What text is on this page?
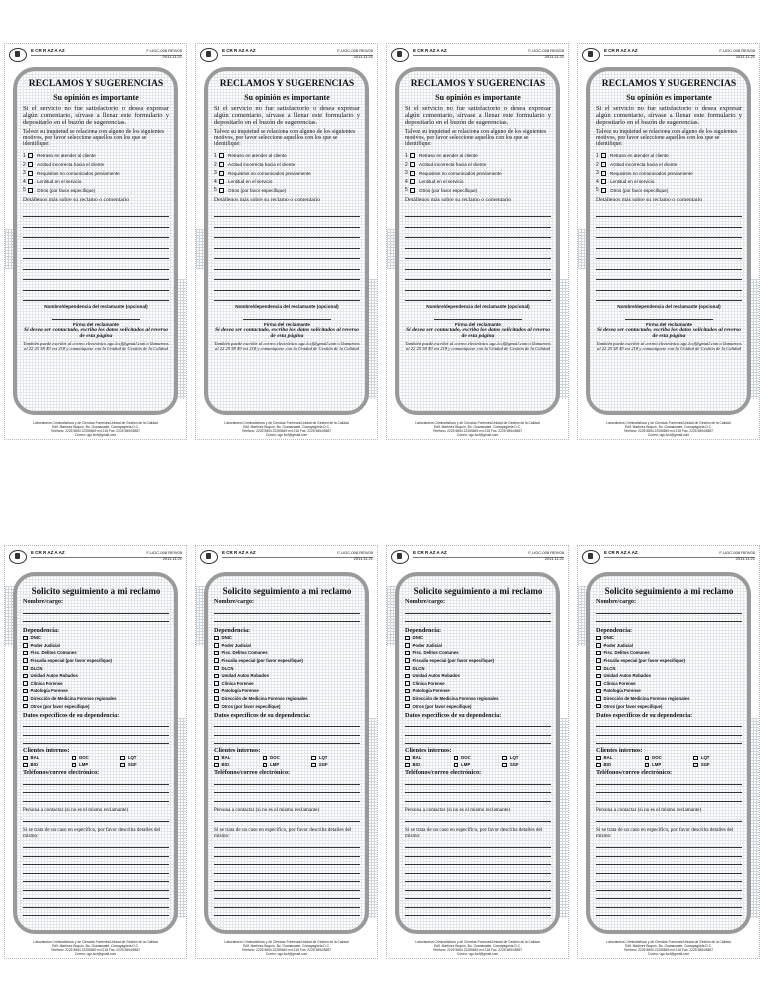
E CR R AZ A AZ	F-UGC-008 REIV05
2011.11.21
RECLAMOS Y SUGERENCIAS
Su opinión es importante
Si el servicio no fue satisfactorio o desea expresar algún comentario, sírvase a llenar este formulario y depositarlo en el buzón de sugerencias.
Talvez su inquietud se relaciona con alguno de los siguientes motivos, por favor seleccione aquellos con los que se identifique:
1	Retraso en atender al cliente
2	Actitud incorrecta hacia el cliente
3	Requisitos no comunicados previamente
4	Lentitud en el servicio
5	Otros (por favor especifique)
Detállenos más sobre su reclamo o comentario
Nombre/dependencia del reclamante (opcional)
Firma del reclamante
Si desea ser contactado, escriba los datos solicitados al reverso de esta página
También puede escribir al correo electrónico ugc.lccf@gmail.com o llamarnos al 22 25 58 49 ext 218 y comuníquese con la Unidad de Gestión de la Calidad
Laboratorios Criminalísticos y de Ciencias Forenses/Unidad de Gestión de la Calidad
Edif. Martínez Boquín, Bo. Guanacaste, Comayagüela D.C.
Teléfono: 2225 5854 22255849 ext 218 Fax: 2225 5854/5857
Correo: ugc.lccf@gmail.com
E CR R AZ A AZ	F-UGC-008 REIV05
2011.11.21
RECLAMOS Y SUGERENCIAS
Su opinión es importante
Si el servicio no fue satisfactorio o desea expresar algún comentario, sírvase a llenar este formulario y depositarlo en el buzón de sugerencias.
Talvez su inquietud se relaciona con alguno de los siguientes motivos, por favor seleccione aquellos con los que se identifique:
1	Retraso en atender al cliente
2	Actitud incorrecta hacia el cliente
3	Requisitos no comunicados previamente
4	Lentitud en el servicio
5	Otros (por favor especifique)
Detállenos más sobre su reclamo o comentario
Nombre/dependencia del reclamante (opcional)
Firma del reclamante
Si desea ser contactado, escriba los datos solicitados al reverso de esta página
También puede escribir al correo electrónico ugc.lccf@gmail.com o llamarnos al 22 25 58 49 ext 218 y comuníquese con la Unidad de Gestión de la Calidad
Laboratorios Criminalísticos y de Ciencias Forenses/Unidad de Gestión de la Calidad
Edif. Martínez Boquín, Bo. Guanacaste, Comayagüela D.C.
Teléfono: 2225 5854 22255849 ext 218 Fax: 2225 5854/5857
Correo: ugc.lccf@gmail.com
E CR R AZ A AZ	F-UGC-008 REIV05
2011.11.21
RECLAMOS Y SUGERENCIAS
Su opinión es importante
Si el servicio no fue satisfactorio o desea expresar algún comentario, sírvase a llenar este formulario y depositarlo en el buzón de sugerencias.
Talvez su inquietud se relaciona con alguno de los siguientes motivos, por favor seleccione aquellos con los que se identifique:
1	Retraso en atender al cliente
2	Actitud incorrecta hacia el cliente
3	Requisitos no comunicados previamente
4	Lentitud en el servicio
5	Otros (por favor especifique)
Detállenos más sobre su reclamo o comentario
Nombre/dependencia del reclamante (opcional)
Firma del reclamante
Si desea ser contactado, escriba los datos solicitados al reverso de esta página
También puede escribir al correo electrónico ugc.lccf@gmail.com o llamarnos al 22 25 58 49 ext 218 y comuníquese con la Unidad de Gestión de la Calidad
Laboratorios Criminalísticos y de Ciencias Forenses/Unidad de Gestión de la Calidad
Edif. Martínez Boquín, Bo. Guanacaste, Comayagüela D.C.
Teléfono: 2225 5854 22255849 ext 218 Fax: 2225 5854/5857
Correo: ugc.lccf@gmail.com
E CR R AZ A AZ	F-UGC-008 REIV05
2011.11.21
RECLAMOS Y SUGERENCIAS
Su opinión es importante
Si el servicio no fue satisfactorio o desea expresar algún comentario, sírvase a llenar este formulario y depositarlo en el buzón de sugerencias.
Talvez su inquietud se relaciona con alguno de los siguientes motivos, por favor seleccione aquellos con los que se identifique:
1	Retraso en atender al cliente
2	Actitud incorrecta hacia el cliente
3	Requisitos no comunicados previamente
4	Lentitud en el servicio
5	Otros (por favor especifique)
Detállenos más sobre su reclamo o comentario
Nombre/dependencia del reclamante (opcional)
Firma del reclamante
Si desea ser contactado, escriba los datos solicitados al reverso de esta página
También puede escribir al correo electrónico ugc.lccf@gmail.com o llamarnos al 22 25 58 49 ext 218 y comuníquese con la Unidad de Gestión de la Calidad
Laboratorios Criminalísticos y de Ciencias Forenses/Unidad de Gestión de la Calidad
Edif. Martínez Boquín, Bo. Guanacaste, Comayagüela D.C.
Teléfono: 2225 5854 22255849 ext 218 Fax: 2225 5854/5857
Correo: ugc.lccf@gmail.com
E CR R AZ A AZ	F-UGC-008 REIV05
2011.11.21
Solicito seguimiento a mi reclamo
Nombre/cargo:
Dependencia:
DNIC
Poder Judicial
Fisc. Delitos Comunes
Fiscalía especial (por favor especifique)
DLCN
Unidad Autos Robados
Clínica Forense
Patología Forense
Dirección de Medicina Forense regionales
Otros (por favor especifique)
Datos específicos de su dependencia:
Clientes internos:
BAL	DOC	LQT
BIO	LMP	SGF
Teléfonos/correo electrónico:
Persona a contactar (si no es el mismo reclamante)
Si se trata de un caso en específico, por favor describa detalles del mismo:
Laboratorios Criminalísticos y de Ciencias Forenses/Unidad de Gestión de la Calidad
Edif. Martínez Boquín, Bo. Guanacaste, Comayagüela D.C.
Teléfono: 2225 5854 22255849 ext 218 Fax: 2225 5854/5857
Correo: ugc.lccf@gmail.com
E CR R AZ A AZ	F-UGC-008 REIV05
2011.11.21
Solicito seguimiento a mi reclamo
Nombre/cargo:
Dependencia:
DNIC
Poder Judicial
Fisc. Delitos Comunes
Fiscalía especial (por favor especifique)
DLCN
Unidad Autos Robados
Clínica Forense
Patología Forense
Dirección de Medicina Forense regionales
Otros (por favor especifique)
Datos específicos de su dependencia:
Clientes internos:
BAL	DOC	LQT
BIO	LMP	SGF
Teléfonos/correo electrónico:
Persona a contactar (si no es el mismo reclamante)
Si se trata de un caso en específico, por favor describa detalles del mismo:
Laboratorios Criminalísticos y de Ciencias Forenses/Unidad de Gestión de la Calidad
Edif. Martínez Boquín, Bo. Guanacaste, Comayagüela D.C.
Teléfono: 2225 5854 22255849 ext 218 Fax: 2225 5854/5857
Correo: ugc.lccf@gmail.com
E CR R AZ A AZ	F-UGC-008 REIV05
2011.11.21
Solicito seguimiento a mi reclamo
Nombre/cargo:
Dependencia:
DNIC
Poder Judicial
Fisc. Delitos Comunes
Fiscalía especial (por favor especifique)
DLCN
Unidad Autos Robados
Clínica Forense
Patología Forense
Dirección de Medicina Forense regionales
Otros (por favor especifique)
Datos específicos de su dependencia:
Clientes internos:
BAL	DOC	LQT
BIO	LMP	SGF
Teléfonos/correo electrónico:
Persona a contactar (si no es el mismo reclamante)
Si se trata de un caso en específico, por favor describa detalles del mismo:
Laboratorios Criminalísticos y de Ciencias Forenses/Unidad de Gestión de la Calidad
Edif. Martínez Boquín, Bo. Guanacaste, Comayagüela D.C.
Teléfono: 2225 5854 22255849 ext 218 Fax: 2225 5854/5857
Correo: ugc.lccf@gmail.com
E CR R AZ A AZ	F-UGC-008 REIV05
2011.11.21
Solicito seguimiento a mi reclamo
Nombre/cargo:
Dependencia:
DNIC
Poder Judicial
Fisc. Delitos Comunes
Fiscalía especial (por favor especifique)
DLCN
Unidad Autos Robados
Clínica Forense
Patología Forense
Dirección de Medicina Forense regionales
Otros (por favor especifique)
Datos específicos de su dependencia:
Clientes internos:
BAL	DOC	LQT
BIO	LMP	SGF
Teléfonos/correo electrónico:
Persona a contactar (si no es el mismo reclamante)
Si se trata de un caso en específico, por favor describa detalles del mismo:
Laboratorios Criminalísticos y de Ciencias Forenses/Unidad de Gestión de la Calidad
Edif. Martínez Boquín, Bo. Guanacaste, Comayagüela D.C.
Teléfono: 2225 5854 22255849 ext 218 Fax: 2225 5854/5857
Correo: ugc.lccf@gmail.com
